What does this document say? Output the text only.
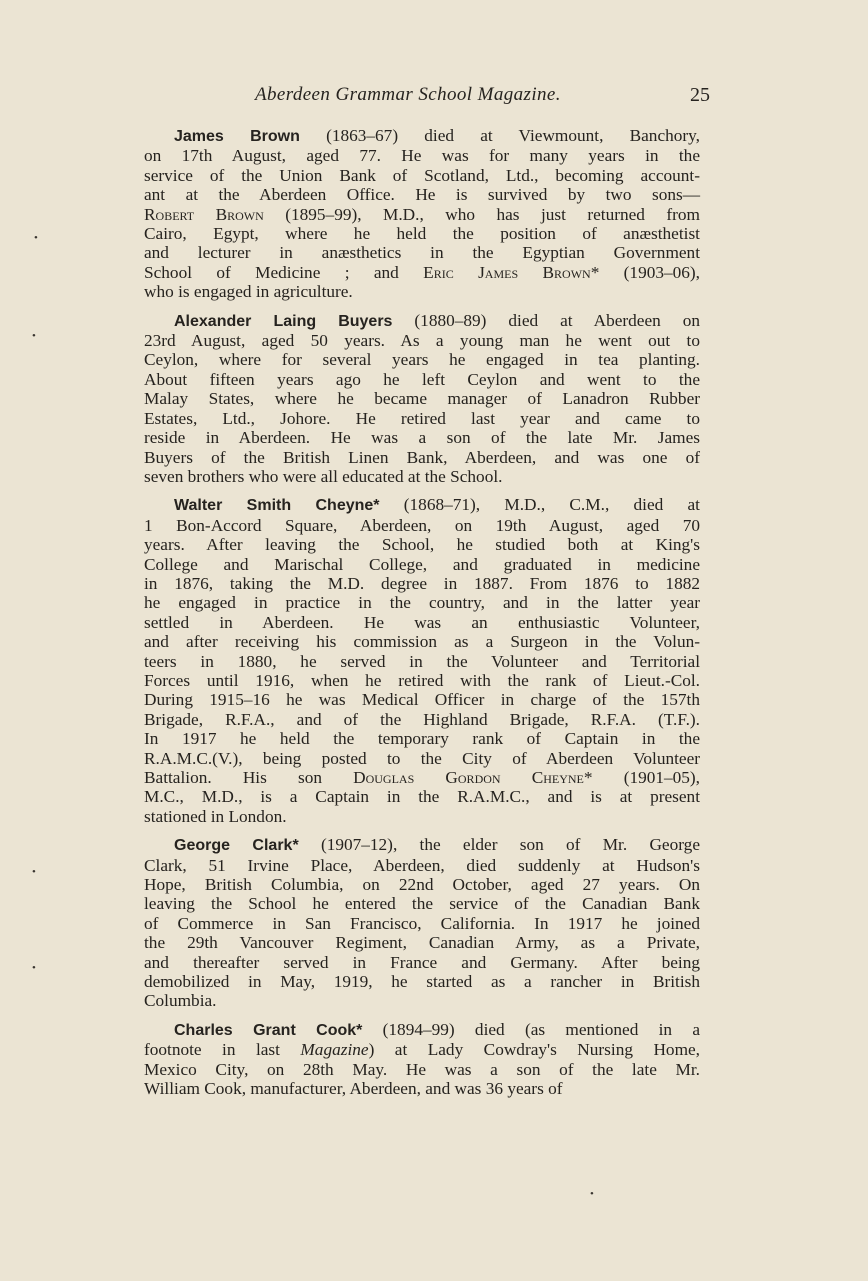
Aberdeen Grammar School Magazine.	25
James Brown (1863–67) died at Viewmount, Banchory,
on 17th August, aged 77. He was for many years in the
service of the Union Bank of Scotland, Ltd., becoming account-
ant at the Aberdeen Office. He is survived by two sons—
Robert Brown (1895–99), M.D., who has just returned from
Cairo, Egypt, where he held the position of anæsthetist
and lecturer in anæsthetics in the Egyptian Government
School of Medicine ; and Eric James Brown* (1903–06),
who is engaged in agriculture.
Alexander Laing Buyers (1880–89) died at Aberdeen on
23rd August, aged 50 years. As a young man he went out to
Ceylon, where for several years he engaged in tea planting.
About fifteen years ago he left Ceylon and went to the
Malay States, where he became manager of Lanadron Rubber
Estates, Ltd., Johore. He retired last year and came to
reside in Aberdeen. He was a son of the late Mr. James
Buyers of the British Linen Bank, Aberdeen, and was one of
seven brothers who were all educated at the School.
Walter Smith Cheyne* (1868–71), M.D., C.M., died at
1 Bon-Accord Square, Aberdeen, on 19th August, aged 70
years. After leaving the School, he studied both at King's
College and Marischal College, and graduated in medicine
in 1876, taking the M.D. degree in 1887. From 1876 to 1882
he engaged in practice in the country, and in the latter year
settled in Aberdeen. He was an enthusiastic Volunteer,
and after receiving his commission as a Surgeon in the Volun-
teers in 1880, he served in the Volunteer and Territorial
Forces until 1916, when he retired with the rank of Lieut.-Col.
During 1915–16 he was Medical Officer in charge of the 157th
Brigade, R.F.A., and of the Highland Brigade, R.F.A. (T.F.).
In 1917 he held the temporary rank of Captain in the
R.A.M.C.(V.), being posted to the City of Aberdeen Volunteer
Battalion. His son Douglas Gordon Cheyne* (1901–05),
M.C., M.D., is a Captain in the R.A.M.C., and is at present
stationed in London.
George Clark* (1907–12), the elder son of Mr. George
Clark, 51 Irvine Place, Aberdeen, died suddenly at Hudson's
Hope, British Columbia, on 22nd October, aged 27 years. On
leaving the School he entered the service of the Canadian Bank
of Commerce in San Francisco, California. In 1917 he joined
the 29th Vancouver Regiment, Canadian Army, as a Private,
and thereafter served in France and Germany. After being
demobilized in May, 1919, he started as a rancher in British
Columbia.
Charles Grant Cook* (1894–99) died (as mentioned in a
footnote in last Magazine) at Lady Cowdray's Nursing Home,
Mexico City, on 28th May. He was a son of the late Mr.
William Cook, manufacturer, Aberdeen, and was 36 years of
•
•
•
•
•
